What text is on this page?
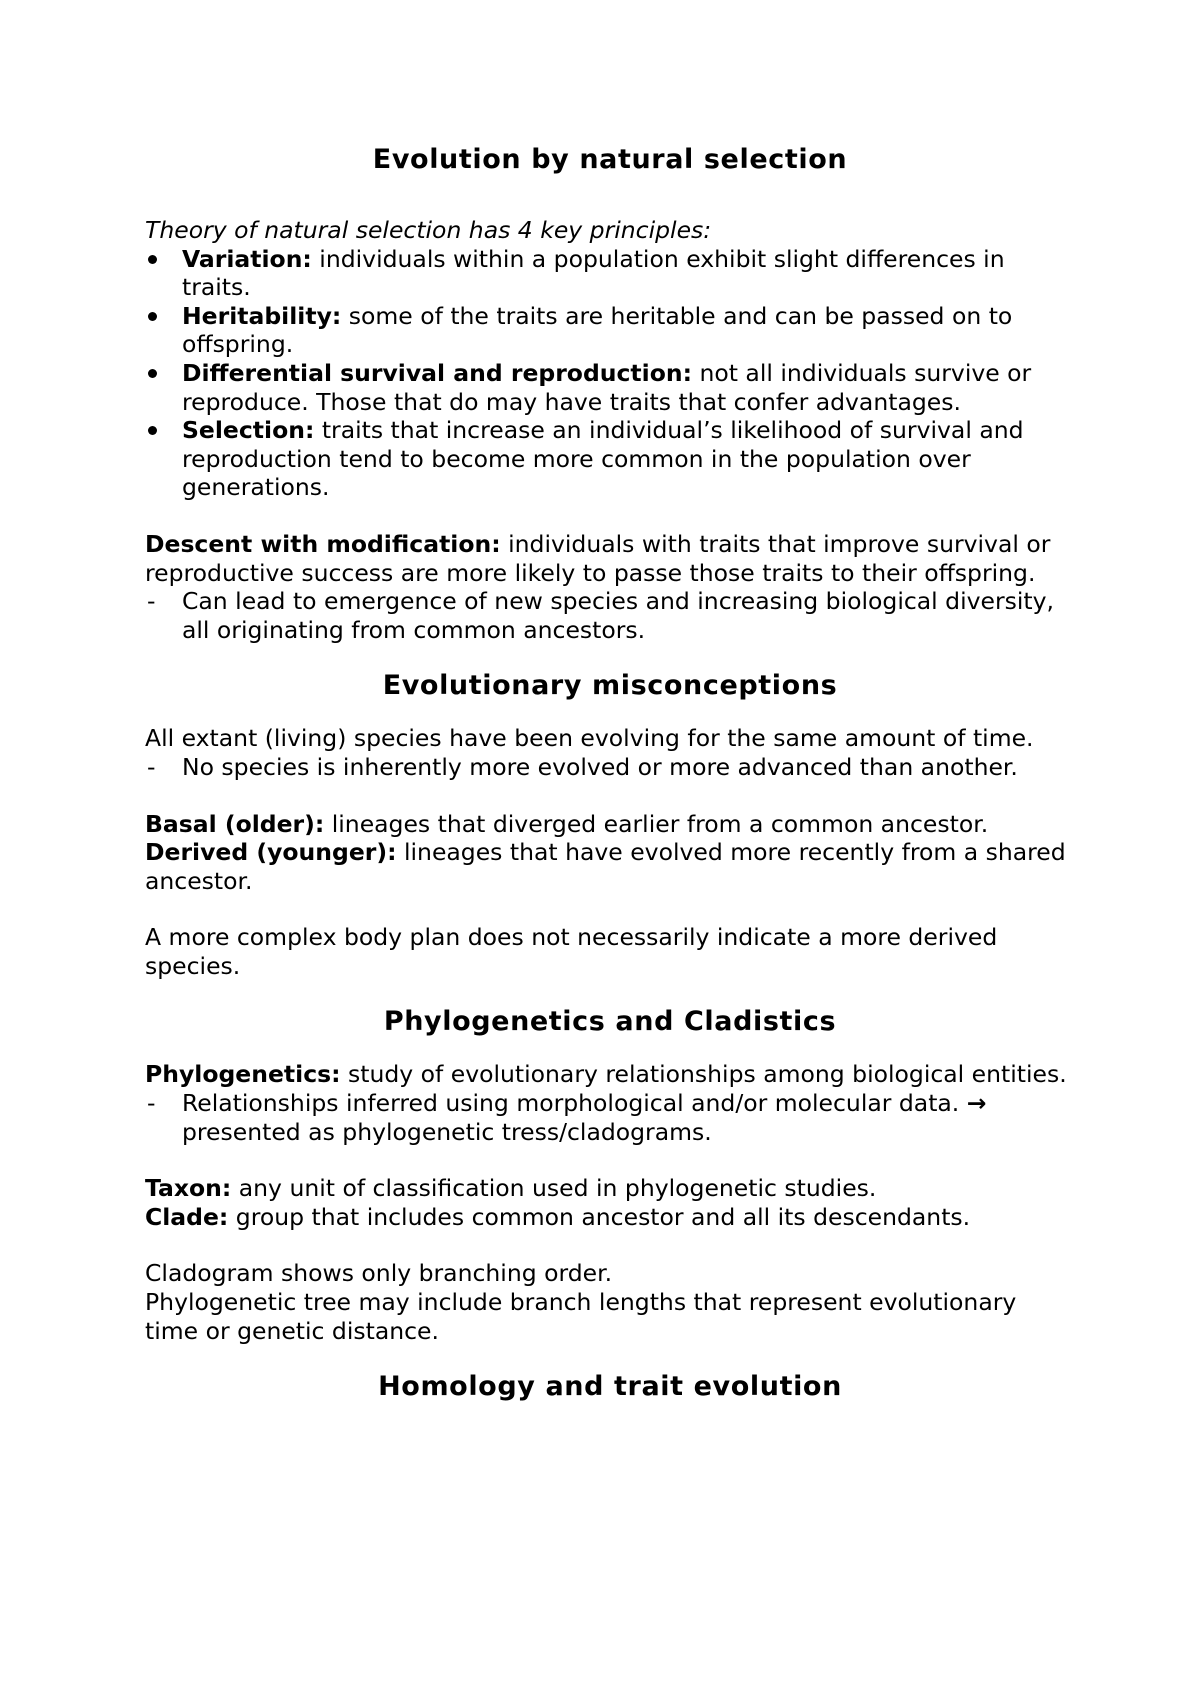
Evolution by natural selection

Theory of natural selection has 4 key principles:

Variation: individuals within a population exhibit slight differences in traits.
Heritability: some of the traits are heritable and can be passed on to offspring.
Differential survival and reproduction: not all individuals survive or reproduce. Those that do may have traits that confer advantages.
Selection: traits that increase an individual’s likelihood of survival and reproduction tend to become more common in the population over generations.

Descent with modification: individuals with traits that improve survival or reproductive success are more likely to passe those traits to their offspring.

- Can lead to emergence of new species and increasing biological diversity, all originating from common ancestors.
Evolutionary misconceptions

All extant (living) species have been evolving for the same amount of time.

- No species is inherently more evolved or more advanced than another.

Basal (older): lineages that diverged earlier from a common ancestor.

Derived (younger): lineages that have evolved more recently from a shared ancestor.

A more complex body plan does not necessarily indicate a more derived species.

Phylogenetics and Cladistics

Phylogenetics: study of evolutionary relationships among biological entities.

- Relationships inferred using morphological and/or molecular data. → presented as phylogenetic tress/cladograms.

Taxon: any unit of classification used in phylogenetic studies.

Clade: group that includes common ancestor and all its descendants.

Cladogram shows only branching order.

Phylogenetic tree may include branch lengths that represent evolutionary time or genetic distance.

Homology and trait evolution
